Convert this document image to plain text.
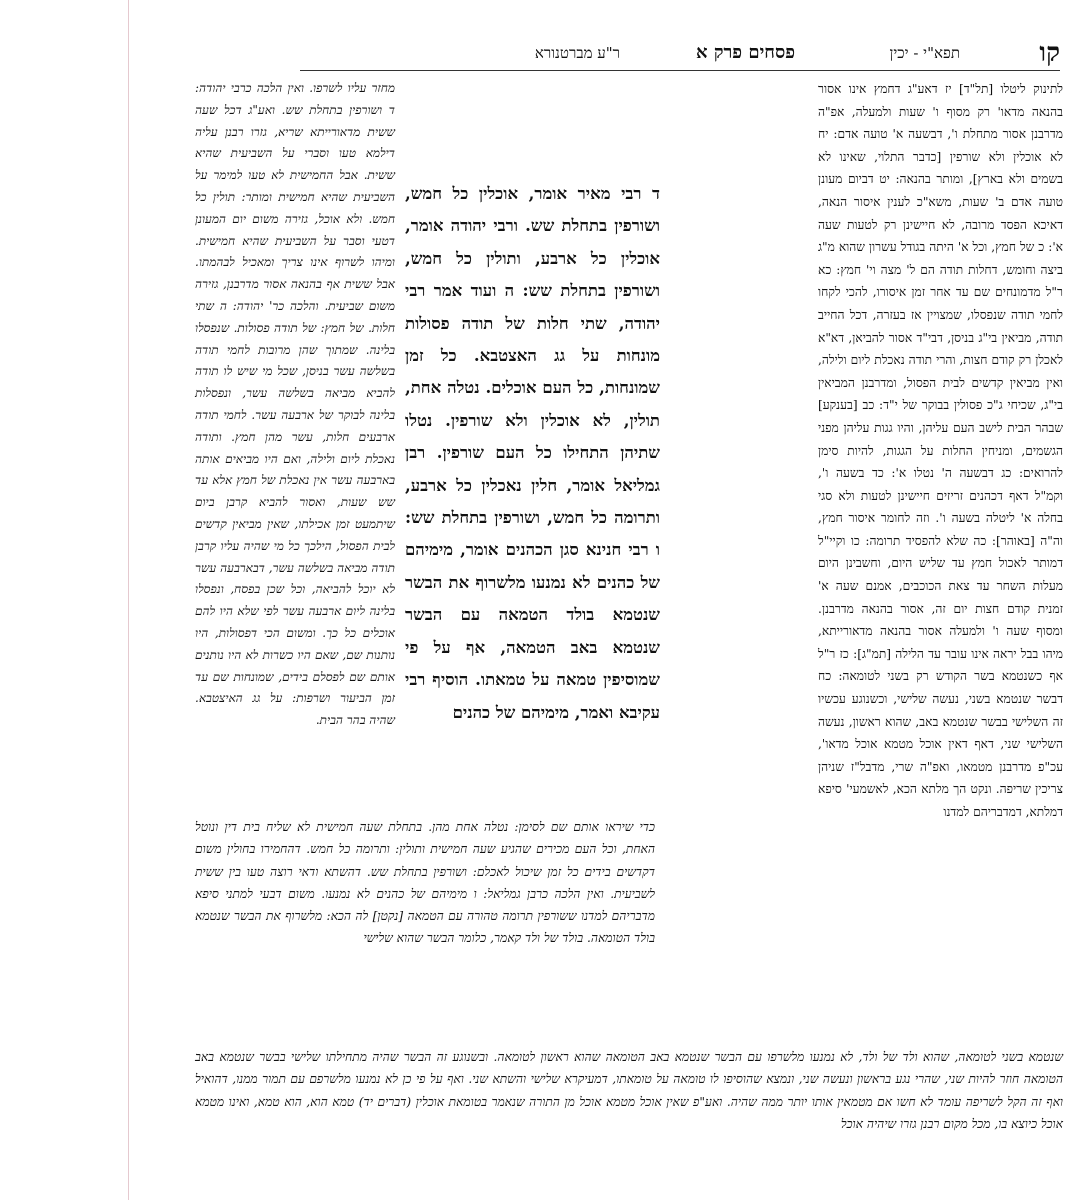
קו
תפא"י - יכין
פסחים פרק א
ר"ע מברטנורא

לתינוק ליטלו [תל"ד] יז דאע"ג דחמץ אינו אסור בהנאה מדאו' רק מסוף ו' שעות ולמעלה, אפ"ה מדרבנן אסור מתחלת ו', דבשעה א' טועה אדם: יח לא אוכלין ולא שורפין [כדבר התלוי, שאינו לא בשמים ולא בארץ], ומותר בהנאה: יט דביום מעונן טועה אדם ב' שעות, משא"כ לענין איסור הנאה, דאיכא הפסד מרובה, לא חיישינן רק לטעות שעה א': כ של חמץ, וכל א' היתה בגודל עשרון שהוא מ"ג ביצה וחומש, דחלות תודה הם ל' מצה וי' חמץ: כא ר"ל מדמונחים שם עד אחר זמן איסורו, להכי לקחו לחמי תודה שנפסלו, שמצויין אז בעזרה, דכל החייב תודה, מביאין בי"ג בניסן, דבי"ד אסור להביאן, דא"א לאכלן רק קודם חצות, והרי תודה נאכלת ליום ולילה, ואין מביאין קדשים לבית הפסול, ומדרבנן המביאין בי"ג, שכיחי ג"כ פסולין בבוקר של י"ד: כב [בענקע] שבהר הבית לישב העם עליהן, והיו גגות עליהן מפני הגשמים, ומניחין החלות על הגגות, להיות סימן להרואים: כג דבשעה ה' נטלו א': כד בשעה ו', וקמ"ל דאף דכהנים זריזים חיישינן לטעות ולא סגי בחלה א' ליטלה בשעה ו'. וזה לחומר איסור חמץ, וה"ה [באוהר]: כה שלא להפסיד תרומה: כו וקיי"ל דמותר לאכול חמץ עד שליש היום, וחשבינן היום מעלות השחר עד צאת הכוכבים, אמנם שעה א' זמנית קודם חצות יום זה, אסור בהנאה מדרבנן. ומסוף שעה ו' ולמעלה אסור בהנאה מדאורייתא, מיהו בבל יראה אינו עובר עד הלילה [תמ"ג]: כז ר"ל אף כשנטמא בשר הקודש רק בשני לטומאה: כח דבשר שנטמא בשני, נעשה שלישי, וכשנוגע עכשיו זה השלישי בבשר שנטמא באב, שהוא ראשון, נעשה השלישי שני, דאף דאין אוכל מטמא אוכל מדאו', עכ"פ מדרבנן מטמאו, ואפ"ה שרי, מדבל"ז שניהן צריכין שריפה. ונקט הך מלתא הכא, לאשמעי' סיפא דמלתא, דמדבריהם למדנו

מחזר עליו לשרפו. ואין הלכה כרבי יהודה: ד ושורפין בתחלת שש. ואע"ג דכל שעה ששית מדאורייתא שריא, גזרו רבנן עליה דילמא טעו וסברי על השביעית שהיא ששית. אבל החמישית לא טעו למימר על השביעית שהיא חמישית ומותר: תולין כל חמש. ולא אוכל, גזירה משום יום המעונן דטעי וסבר על השביעית שהיא חמישית. ומיהו לשרוף אינו צריך ומאכיל לבהמתו. אבל ששית אף בהנאה אסור מדרבנן, גזירה משום שביעית. והלכה כר' יהודה: ה שתי חלות. של חמץ: של תודה פסולות. שנפסלו בלינה. שמתוך שהן מרובות לחמי תודה בשלשה עשר בניסן, שכל מי שיש לו תודה להביא מביאה בשלשה עשר, ונפסלות בלינה לבוקר של ארבעה עשר. לחמי תודה ארבעים חלות, עשר מהן חמץ. ותודה נאכלת ליום ולילה, ואם היו מביאים אותה בארבעה עשר אין נאכלת של חמץ אלא עד שש שעות, ואסור להביא קרבן ביום שיתמעט זמן אכילתו, שאין מביאין קדשים לבית הפסול, הילכך כל מי שהיה עליו קרבן תודה מביאה בשלשה עשר, דבארבעה עשר לא יוכל להביאה, וכל שכן בפסח, ונפסלו בלינה ליום ארבעה עשר לפי שלא היו להם אוכלים כל כך. ומשום הכי דפסולות, היו נותנות שם, שאם היו כשרות לא היו נותנים אותם שם לפסלם בידים, שמונחות שם עד זמן הביעור ושרפות: על גג האיצטבא. שהיה בהר הבית.

ד רבי מאיר אומר, אוכלין כל חמש, ושורפין בתחלת שש. ורבי יהודה אומר, אוכלין כל ארבע, ותולין כל חמש, ושורפין בתחלת שש: ה ועוד אמר רבי יהודה, שתי חלות של תודה פסולות מונחות על גג האצטבא. כל זמן שמונחות, כל העם אוכלים. נטלה אחת, תולין, לא אוכלין ולא שורפין. נטלו שתיהן התחילו כל העם שורפין. רבן גמליאל אומר, חלין נאכלין כל ארבע, ותרומה כל חמש, ושורפין בתחלת שש: ו רבי חנינא סגן הכהנים אומר, מימיהם של כהנים לא נמנעו מלשרוף את הבשר שנטמא בולד הטמאה עם הבשר שנטמא באב הטמאה, אף על פי שמוסיפין טמאה על טמאתו. הוסיף רבי עקיבא ואמר, מימיהם של כהנים

כדי שיראו אותם שם לסימן: נטלה אחת מהן. בתחלת שעה חמישית לא שליח בית דין ונוטל האחת, וכל העם מכירים שהגיע שעה חמישית ותולין: ותרומה כל חמש. דהחמירו בחולין משום דקדשים בידים כל זמן שיכול לאכלם: ושורפין בתחלת שש. דהשתא ודאי רוצה טעו בין ששית לשביעית. ואין הלכה כרבן גמליאל: ו מימיהם של כהנים לא נמנעו. משום דבעי למתני סיפא מדבריהם למדנו ששורפין תרומה טהורה עם הטמאה [נקטן] לה הכא: מלשרוף את הבשר שנטמא בולד הטומאה. בולד של ולד קאמר, כלומר הבשר שהוא שלישי

שנטמא בשני לטומאה, שהוא ולד של ולד, לא נמנעו מלשרפו עם הבשר שנטמא באב הטומאה שהוא ראשון לטומאה. ובשנוגע זה הבשר שהיה מתחילתו שלישי בבשר שנטמא באב הטומאה חוזר להיות שני, שהרי נגע בראשון ונעשה שני, ונמצא שהוסיפו לו טומאה על טומאתו, דמעיקרא שלישי והשתא שני. ואף על פי כן לא נמנעו מלשרפם עם תמור ממנו, דהואיל ואף זה הקל לשריפה עומד לא חשו אם מטמאין אותו יותר ממה שהיה. ואע"פ שאין אוכל מטמא אוכל מן התורה שנאמר בטומאת אוכלין (דברים יד) טמא הוא, הוא טמא, ואינו מטמא אוכל כיוצא בו, מכל מקום רבנן גזרו שיהיה אוכל
